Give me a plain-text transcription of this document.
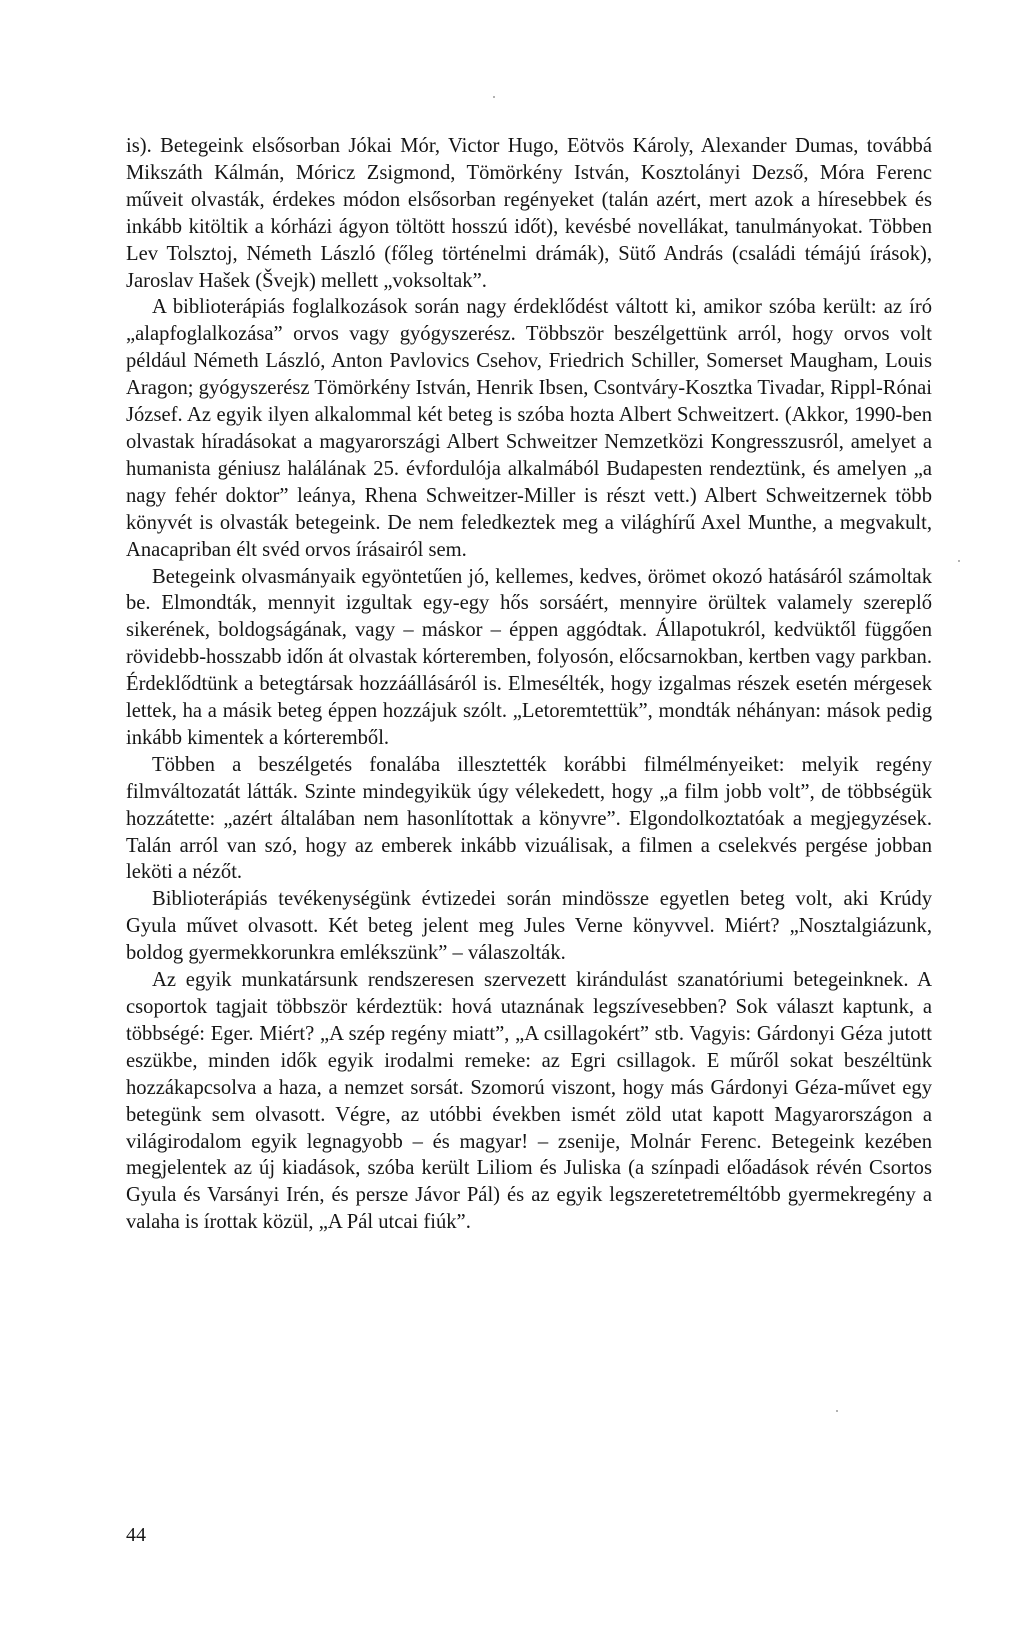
is). Betegeink elsősorban Jókai Mór, Victor Hugo, Eötvös Károly, Alexander Dumas, továbbá Mikszáth Kálmán, Móricz Zsigmond, Tömörkény István, Kosztolányi Dezső, Móra Ferenc műveit olvasták, érdekes módon elsősorban regényeket (talán azért, mert azok a híresebbek és inkább kitöltik a kórházi ágyon töltött hosszú időt), kevésbé novellákat, tanulmányokat. Többen Lev Tolsztoj, Németh László (főleg történelmi drámák), Sütő András (családi témájú írások), Jaroslav Hašek (Švejk) mellett „voksoltak”.

A biblioterápiás foglalkozások során nagy érdeklődést váltott ki, amikor szóba került: az író „alapfoglalkozása” orvos vagy gyógyszerész. Többször beszélgettünk arról, hogy orvos volt például Németh László, Anton Pavlovics Csehov, Friedrich Schiller, Somerset Maugham, Louis Aragon; gyógyszerész Tömörkény István, Henrik Ibsen, Csontváry-Kosztka Tivadar, Rippl-Rónai József. Az egyik ilyen alkalommal két beteg is szóba hozta Albert Schweitzert. (Akkor, 1990-ben olvastak híradásokat a magyarországi Albert Schweitzer Nemzetközi Kongresszusról, amelyet a humanista géniusz halálának 25. évfordulója alkalmából Budapesten rendeztünk, és amelyen „a nagy fehér doktor” leánya, Rhena Schweitzer-Miller is részt vett.) Albert Schweitzernek több könyvét is olvasták betegeink. De nem feledkeztek meg a világhírű Axel Munthe, a megvakult, Anacapriban élt svéd orvos írásairól sem.

Betegeink olvasmányaik egyöntetűen jó, kellemes, kedves, örömet okozó hatásáról számoltak be. Elmondták, mennyit izgultak egy-egy hős sorsáért, mennyire örültek valamely szereplő sikerének, boldogságának, vagy – máskor – éppen aggódtak. Állapotukról, kedvüktől függően rövidebb-hosszabb időn át olvastak kórteremben, folyosón, előcsarnokban, kertben vagy parkban. Érdeklődtünk a betegtársak hozzáállásáról is. Elmesélték, hogy izgalmas részek esetén mérgesek lettek, ha a másik beteg éppen hozzájuk szólt. „Letoremtettük”, mondták néhányan: mások pedig inkább kimentek a kórteremből.

Többen a beszélgetés fonalába illesztették korábbi filmélményeiket: melyik regény filmváltozatát látták. Szinte mindegyikük úgy vélekedett, hogy „a film jobb volt”, de többségük hozzátette: „azért általában nem hasonlítottak a könyvre”. Elgondolkoztatóak a megjegyzések. Talán arról van szó, hogy az emberek inkább vizuálisak, a filmen a cselekvés pergése jobban leköti a nézőt.

Biblioterápiás tevékenységünk évtizedei során mindössze egyetlen beteg volt, aki Krúdy Gyula művet olvasott. Két beteg jelent meg Jules Verne könyvvel. Miért? „Nosztalgiázunk, boldog gyermekkorunkra emlékszünk” – válaszolták.

Az egyik munkatársunk rendszeresen szervezett kirándulást szanatóriumi betegeinknek. A csoportok tagjait többször kérdeztük: hová utaznának legszívesebben? Sok választ kaptunk, a többségé: Eger. Miért? „A szép regény miatt”, „A csillagokért” stb. Vagyis: Gárdonyi Géza jutott eszükbe, minden idők egyik irodalmi remeke: az Egri csillagok. E műről sokat beszéltünk hozzákapcsolva a haza, a nemzet sorsát. Szomorú viszont, hogy más Gárdonyi Géza-művet egy betegünk sem olvasott. Végre, az utóbbi években ismét zöld utat kapott Magyarországon a világirodalom egyik legnagyobb – és magyar! – zsenije, Molnár Ferenc. Betegeink kezében megjelentek az új kiadások, szóba került Liliom és Juliska (a színpadi előadások révén Csortos Gyula és Varsányi Irén, és persze Jávor Pál) és az egyik legszeretetreméltóbb gyermekregény a valaha is írottak közül, „A Pál utcai fiúk”.

44
